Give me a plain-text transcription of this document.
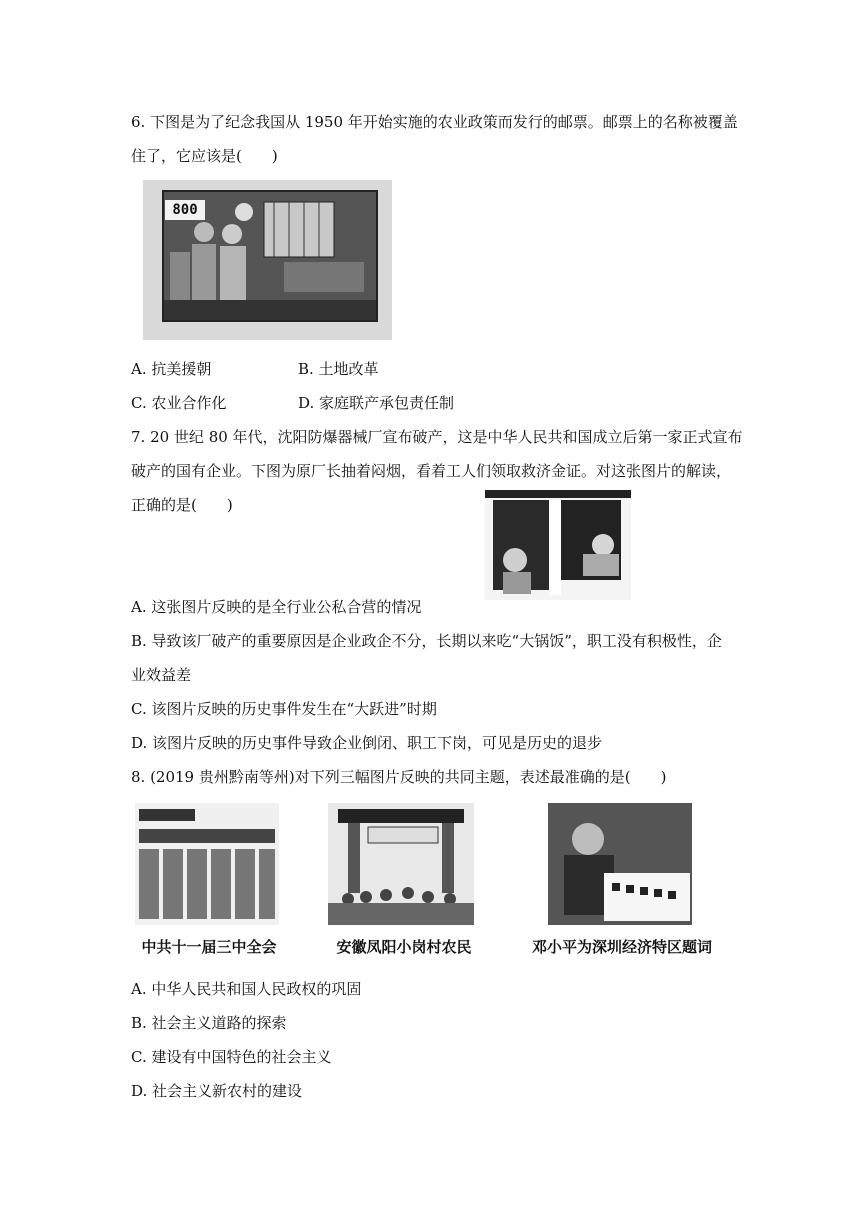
6. 下图是为了纪念我国从 1950 年开始实施的农业政策而发行的邮票。邮票上的名称被覆盖
住了，它应该是(　　)
800
A. 抗美援朝	B. 土地改革
C. 农业合作化	D. 家庭联产承包责任制
7. 20 世纪 80 年代，沈阳防爆器械厂宣布破产，这是中华人民共和国成立后第一家正式宣布
破产的国有企业。下图为原厂长抽着闷烟，看着工人们领取救济金证。对这张图片的解读，
正确的是(　　)
A. 这张图片反映的是全行业公私合营的情况
B. 导致该厂破产的重要原因是企业政企不分，长期以来吃“大锅饭”，职工没有积极性，企
业效益差
C. 该图片反映的历史事件发生在“大跃进”时期
D. 该图片反映的历史事件导致企业倒闭、职工下岗，可见是历史的退步
8. (2019 贵州黔南等州)对下列三幅图片反映的共同主题，表述最准确的是(　　)
中共十一届三中全会	安徽凤阳小岗村农民	邓小平为深圳经济特区题词
A. 中华人民共和国人民政权的巩固
B. 社会主义道路的探索
C. 建设有中国特色的社会主义
D. 社会主义新农村的建设
